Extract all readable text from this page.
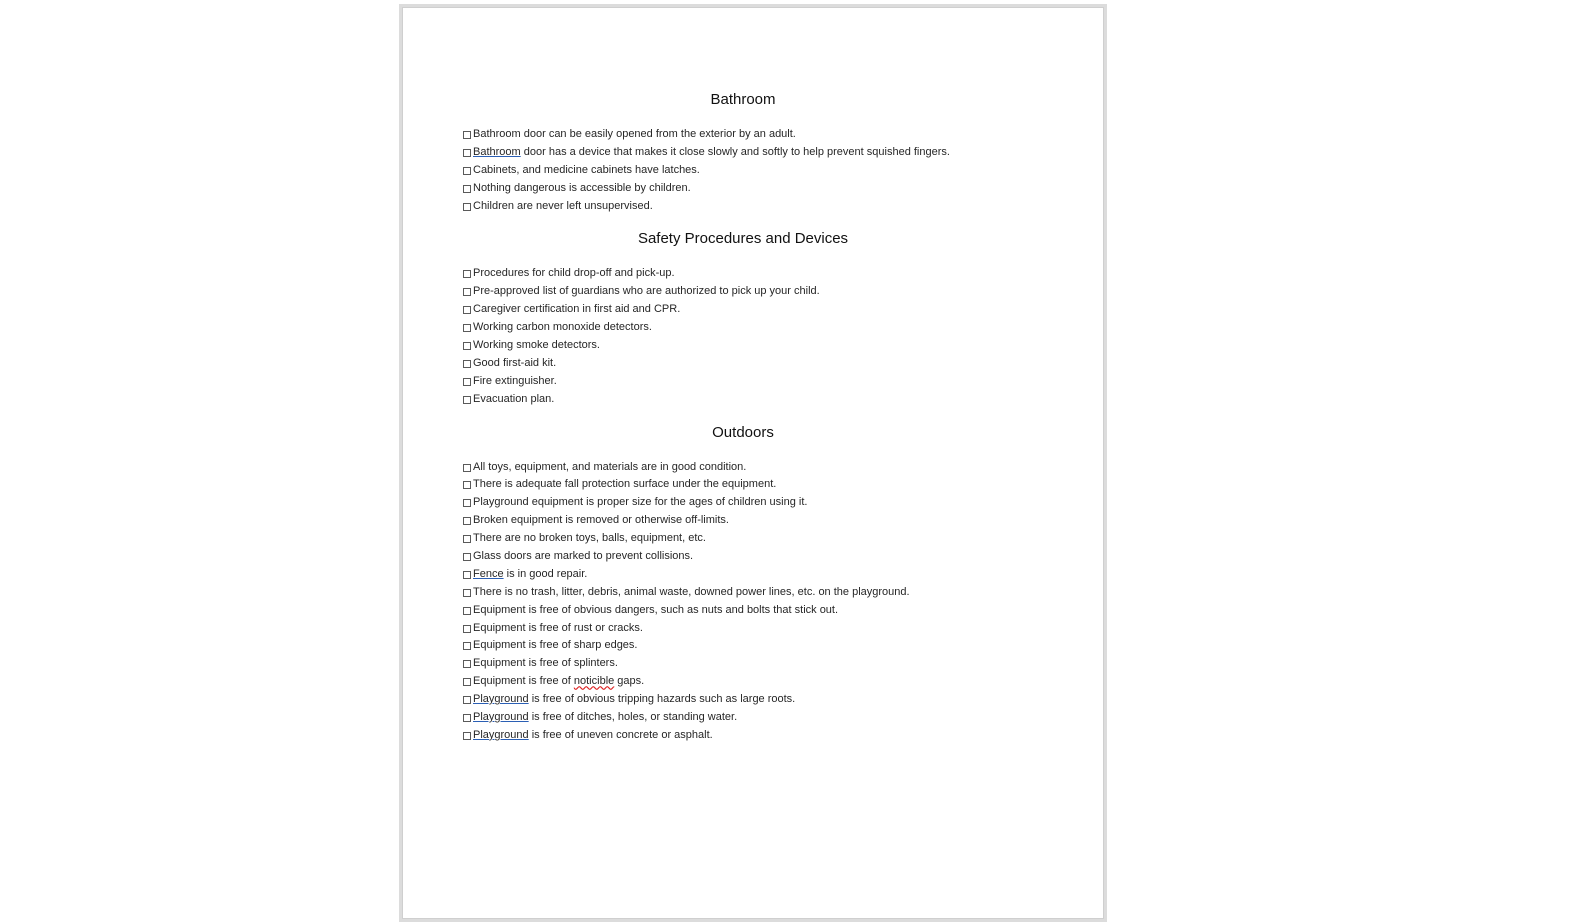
Bathroom
Bathroom door can be easily opened from the exterior by an adult.
Bathroom door has a device that makes it close slowly and softly to help prevent squished fingers.
Cabinets, and medicine cabinets have latches.
Nothing dangerous is accessible by children.
Children are never left unsupervised.
Safety Procedures and Devices
Procedures for child drop-off and pick-up.
Pre-approved list of guardians who are authorized to pick up your child.
Caregiver certification in first aid and CPR.
Working carbon monoxide detectors.
Working smoke detectors.
Good first-aid kit.
Fire extinguisher.
Evacuation plan.
Outdoors
All toys, equipment, and materials are in good condition.
There is adequate fall protection surface under the equipment.
Playground equipment is proper size for the ages of children using it.
Broken equipment is removed or otherwise off-limits.
There are no broken toys, balls, equipment, etc.
Glass doors are marked to prevent collisions.
Fence is in good repair.
There is no trash, litter, debris, animal waste, downed power lines, etc. on the playground.
Equipment is free of obvious dangers, such as nuts and bolts that stick out.
Equipment is free of rust or cracks.
Equipment is free of sharp edges.
Equipment is free of splinters.
Equipment is free of noticible gaps.
Playground is free of obvious tripping hazards such as large roots.
Playground is free of ditches, holes, or standing water.
Playground is free of uneven concrete or asphalt.
